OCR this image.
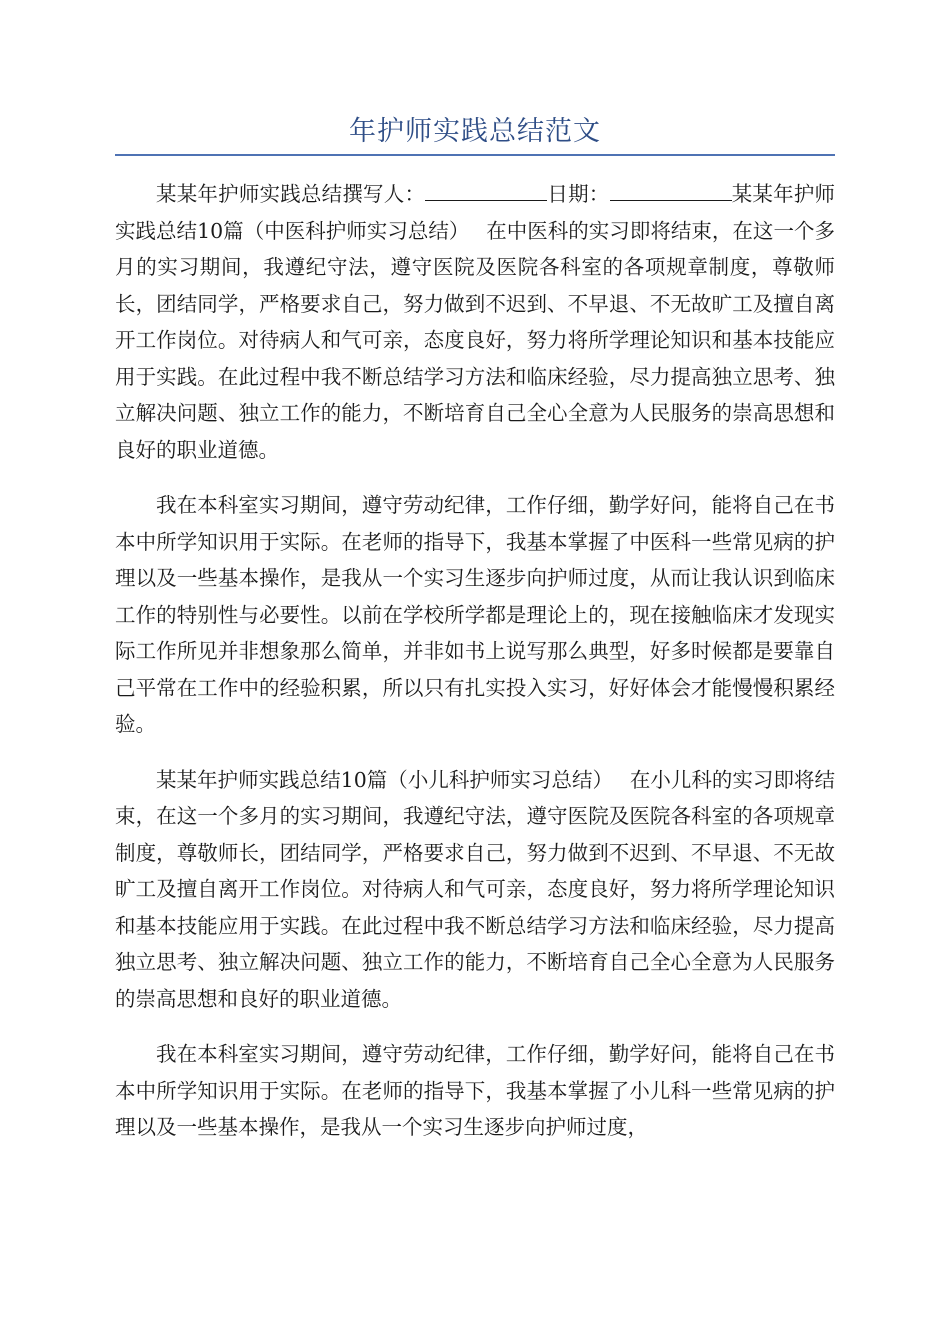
年护师实践总结范文

某某年护师实践总结撰写人：	日期：	某某年护师实践总结10篇（中医科护师实习总结）　 在中医科的实习即将结束，在这一个多月的实习期间，我遵纪守法，遵守医院及医院各科室的各项规章制度，尊敬师长，团结同学，严格要求自己，努力做到不迟到、不早退、不无故旷工及擅自离开工作岗位。对待病人和气可亲，态度良好，努力将所学理论知识和基本技能应用于实践。在此过程中我不断总结学习方法和临床经验，尽力提高独立思考、独立解决问题、独立工作的能力，不断培育自己全心全意为人民服务的崇高思想和良好的职业道德。

我在本科室实习期间，遵守劳动纪律，工作仔细，勤学好问，能将自己在书本中所学知识用于实际。在老师的指导下，我基本掌握了中医科一些常见病的护理以及一些基本操作，是我从一个实习生逐步向护师过度，从而让我认识到临床工作的特别性与必要性。以前在学校所学都是理论上的，现在接触临床才发现实际工作所见并非想象那么简单，并非如书上说写那么典型，好多时候都是要靠自己平常在工作中的经验积累，所以只有扎实投入实习，好好体会才能慢慢积累经验。

某某年护师实践总结10篇（小儿科护师实习总结）　 在小儿科的实习即将结束，在这一个多月的实习期间，我遵纪守法，遵守医院及医院各科室的各项规章制度，尊敬师长，团结同学，严格要求自己，努力做到不迟到、不早退、不无故旷工及擅自离开工作岗位。对待病人和气可亲，态度良好，努力将所学理论知识和基本技能应用于实践。在此过程中我不断总结学习方法和临床经验，尽力提高独立思考、独立解决问题、独立工作的能力，不断培育自己全心全意为人民服务的崇高思想和良好的职业道德。

我在本科室实习期间，遵守劳动纪律，工作仔细，勤学好问，能将自己在书本中所学知识用于实际。在老师的指导下，我基本掌握了小儿科一些常见病的护理以及一些基本操作，是我从一个实习生逐步向护师过度，
